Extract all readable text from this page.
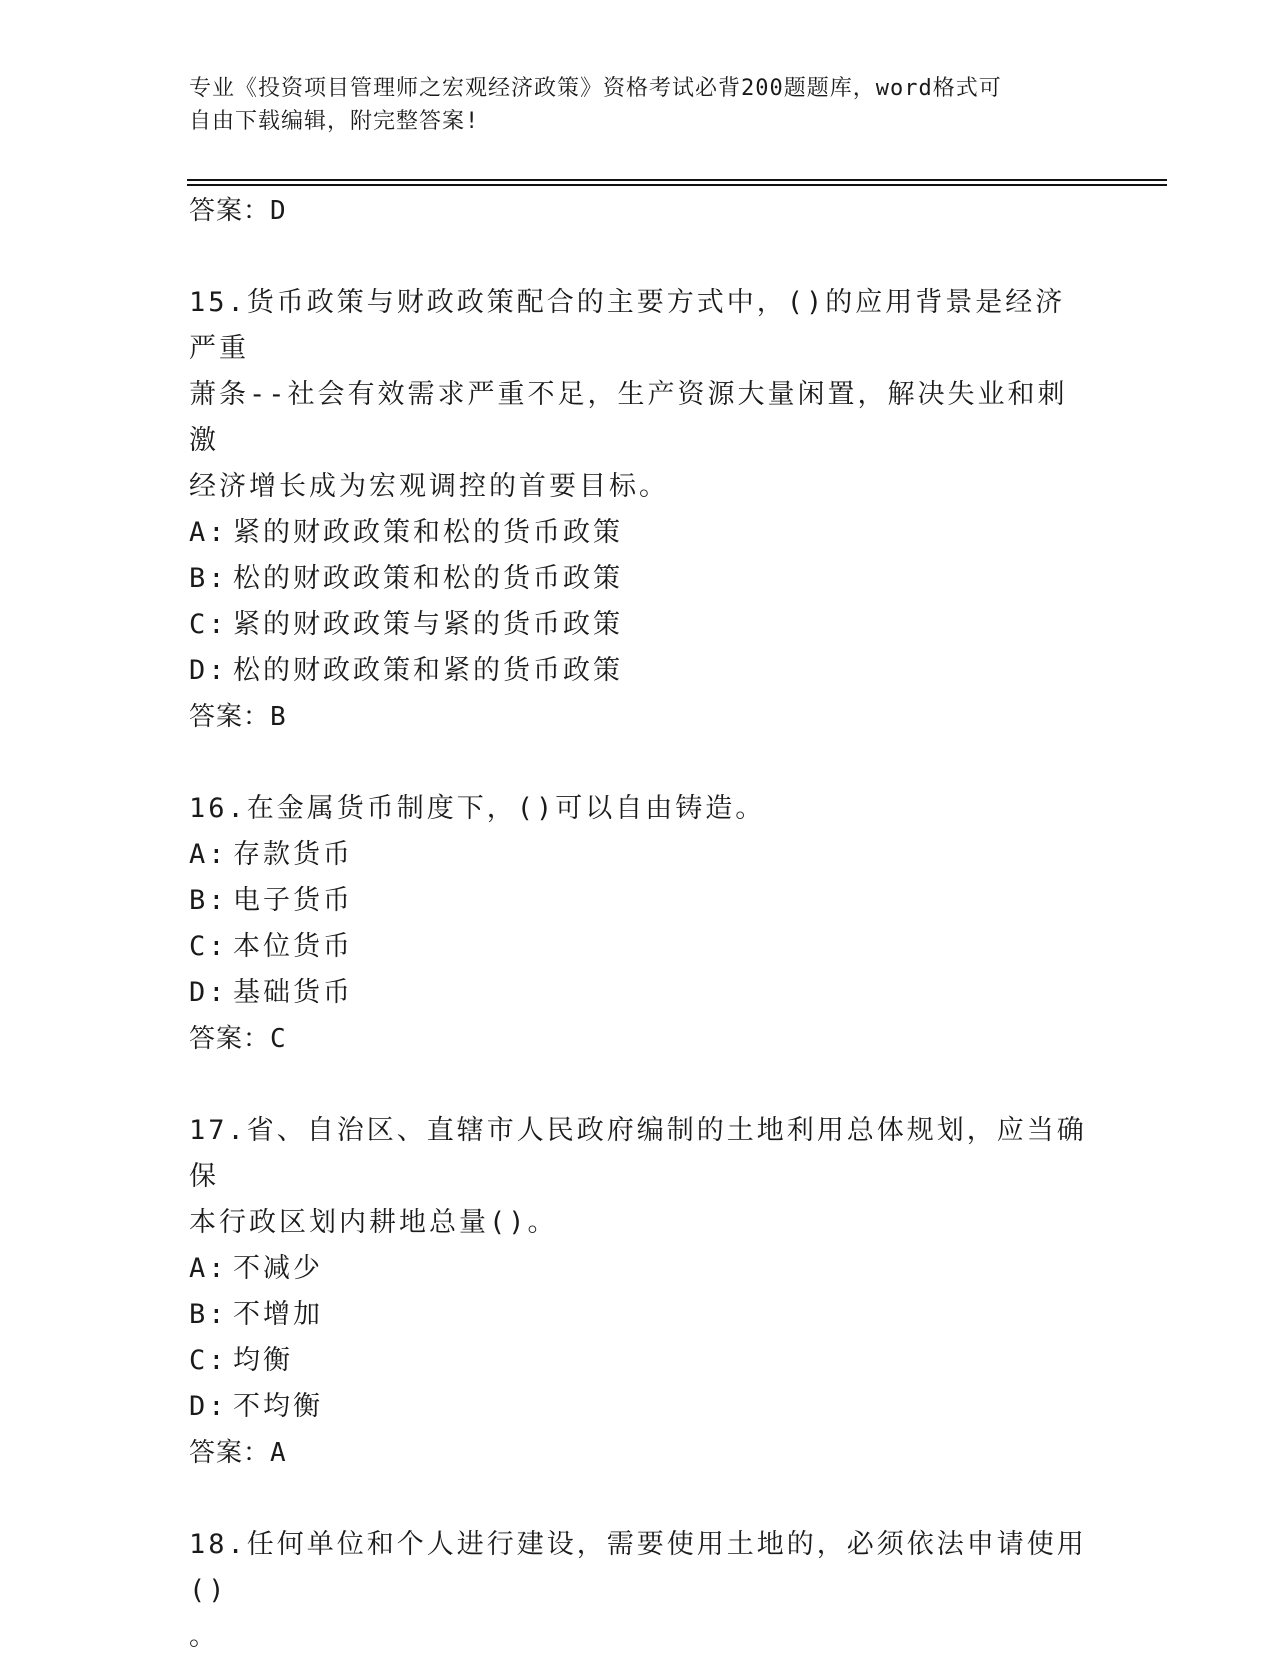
专业《投资项目管理师之宏观经济政策》资格考试必背200题题库，word格式可
自由下载编辑，附完整答案!
答案：D
15.货币政策与财政政策配合的主要方式中，()的应用背景是经济严重
萧条--社会有效需求严重不足，生产资源大量闲置，解决失业和刺激
经济增长成为宏观调控的首要目标。
A: 紧的财政政策和松的货币政策
B: 松的财政政策和松的货币政策
C: 紧的财政政策与紧的货币政策
D: 松的财政政策和紧的货币政策
答案：B
16.在金属货币制度下，()可以自由铸造。
A: 存款货币
B: 电子货币
C: 本位货币
D: 基础货币
答案：C
17.省、自治区、直辖市人民政府编制的土地利用总体规划，应当确保
本行政区划内耕地总量()。
A: 不减少
B: 不增加
C: 均衡
D: 不均衡
答案：A
18.任何单位和个人进行建设，需要使用土地的，必须依法申请使用()
。
